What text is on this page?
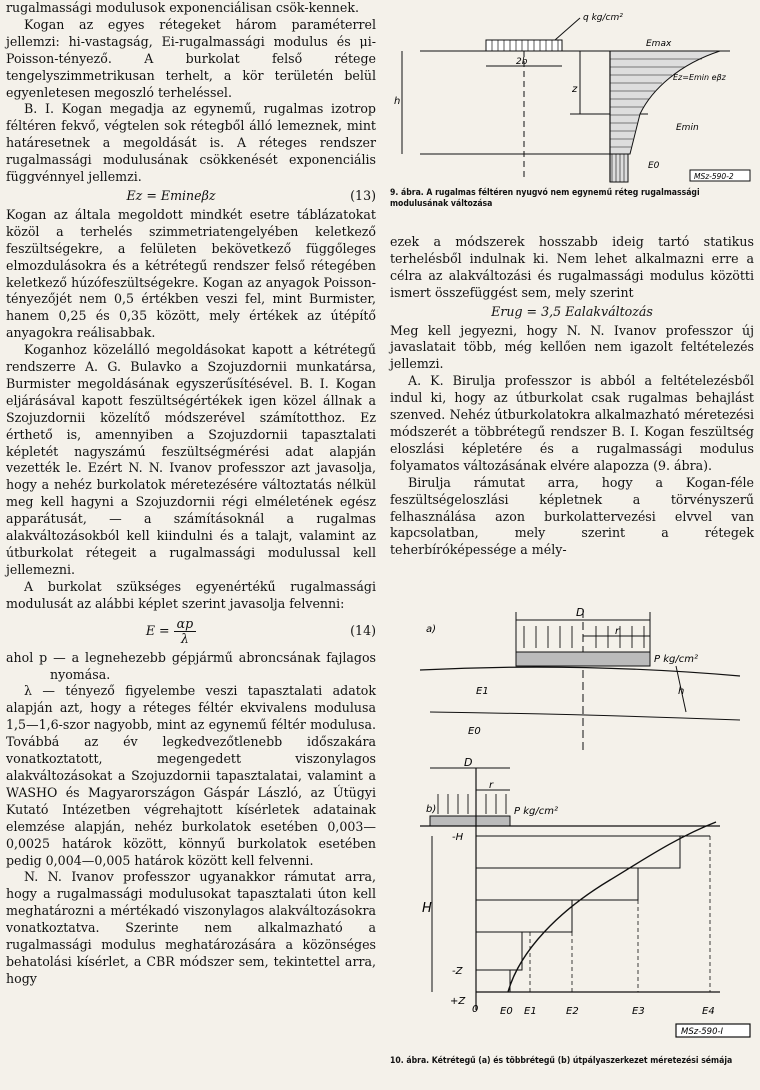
rugalmassági modulusok exponenciálisan csök-kennek.

Kogan az egyes rétegeket három paraméterrel jellemzi: hi-vastagság, Ei-rugalmassági modulus és μi-Poisson-tényező. A burkolat felső rétege tengelyszimmetrikusan terhelt, a kör területén belül egyenletesen megoszló terheléssel.

B. I. Kogan megadja az egynemű, rugalmas izotrop féltéren fekvő, végtelen sok rétegből álló lemeznek, mint határesetnek a megoldását is. A réteges rendszer rugalmassági modulusának csökkenését exponenciális függvénnyel jellemzi.

Ez = Emineβz	(13)

Kogan az általa megoldott mindkét esetre táblázatokat közöl a terhelés szimmetriatengelyében keletkező feszültségekre, a felületen bekövetkező függőleges elmozdulásokra és a kétrétegű rendszer felső rétegében keletkező húzófeszültségekre. Kogan az anyagok Poisson-tényezőjét nem 0,5 értékben veszi fel, mint Burmister, hanem 0,25 és 0,35 között, mely értékek az útépítő anyagokra reálisabbak.

Koganhoz közelálló megoldásokat kapott a kétrétegű rendszerre A. G. Bulavko a Szojuzdornii munkatársa, Burmister megoldásának egyszerűsítésével. B. I. Kogan eljárásával kapott feszültségértékek igen közel állnak a Szojuzdornii közelítő módszerével számítotthoz. Ez érthető is, amennyiben a Szojuzdornii tapasztalati képletét nagyszámú feszültségmérési adat alapján vezették le. Ezért N. N. Ivanov professzor azt javasolja, hogy a nehéz burkolatok méretezésére változtatás nélkül meg kell hagyni a Szojuzdornii régi elméletének egész apparátusát, — a számításoknál a rugalmas alakváltozásokból kell kiindulni és a talajt, valamint az útburkolat rétegeit a rugalmassági modulussal kell jellemezni.

A burkolat szükséges egyenértékű rugalmassági modulusát az alábbi képlet szerint javasolja felvenni:

$E = \frac{\alpha p}{\lambda}$	(14)

ahol p — a legnehezebb gépjármű abroncsának fajlagos nyomása.

λ — tényező figyelembe veszi tapasztalati adatok alapján azt, hogy a réteges féltér ekvivalens modulusa 1,5—1,6-szor nagyobb, mint az egynemű féltér modulusa. Továbbá az év legkedvezőtlenebb időszakára vonatkoztatott, megengedett viszonylagos alakváltozásokat a Szojuzdornii tapasztalatai, valamint a WASHO és Magyarországon Gáspár László, az Útügyi Kutató Intézetben végrehajtott kísérletek adatainak elemzése alapján, nehéz burkolatok esetében 0,003—0,0025 határok között, könnyű burkolatok esetében pedig 0,004—0,005 határok között kell felvenni.

N. N. Ivanov professzor ugyanakkor rámutat arra, hogy a rugalmassági modulusokat tapasztalati úton kell meghatározni a mértékadó viszonylagos alakváltozásokra vonatkoztatva. Szerinte nem alkalmazható a rugalmassági modulus meghatározására a közönséges behatolási kísérlet, a CBR módszer sem, tekintettel arra, hogy

q kg/cm²
2b
h
z
Emax
Ez=Emin eβz
Emin
E0
MSz-590-2
9. ábra. A rugalmas féltéren nyugvó nem egynemű réteg rugalmassági modulusának változása

ezek a módszerek hosszabb ideig tartó statikus terhelésből indulnak ki. Nem lehet alkalmazni erre a célra az alakváltozási és rugalmassági modulus közötti ismert összefüggést sem, mely szerint

Erug = 3,5 Ealakváltozás

Meg kell jegyezni, hogy N. N. Ivanov professzor új javaslatait több, még kellően nem igazolt feltételezés jellemzi.

A. K. Birulja professzor is abból a feltételezésből indul ki, hogy az útburkolat csak rugalmas behajlást szenved. Nehéz útburkolatokra alkalmazható méretezési módszerét a többrétegű rendszer B. I. Kogan feszültség eloszlási képletére és a rugalmassági modulus folyamatos változásának elvére alapozza (9. ábra).

Birulja rámutat arra, hogy a Kogan-féle feszültségeloszlási képletnek a törvényszerű felhasználása azon burkolattervezési elvvel van kapcsolatban, mely szerint a rétegek teherbíróképessége a mély-

a)
D
r
P kg/cm²
h
E1
E0
b)
D
r
P kg/cm²
-H
H
-Z
+Z
0 E0 E1	E2	E3	E4
MSz-590-I
10. ábra. Kétrétegű (a) és többrétegű (b) útpályaszerkezet méretezési sémája
